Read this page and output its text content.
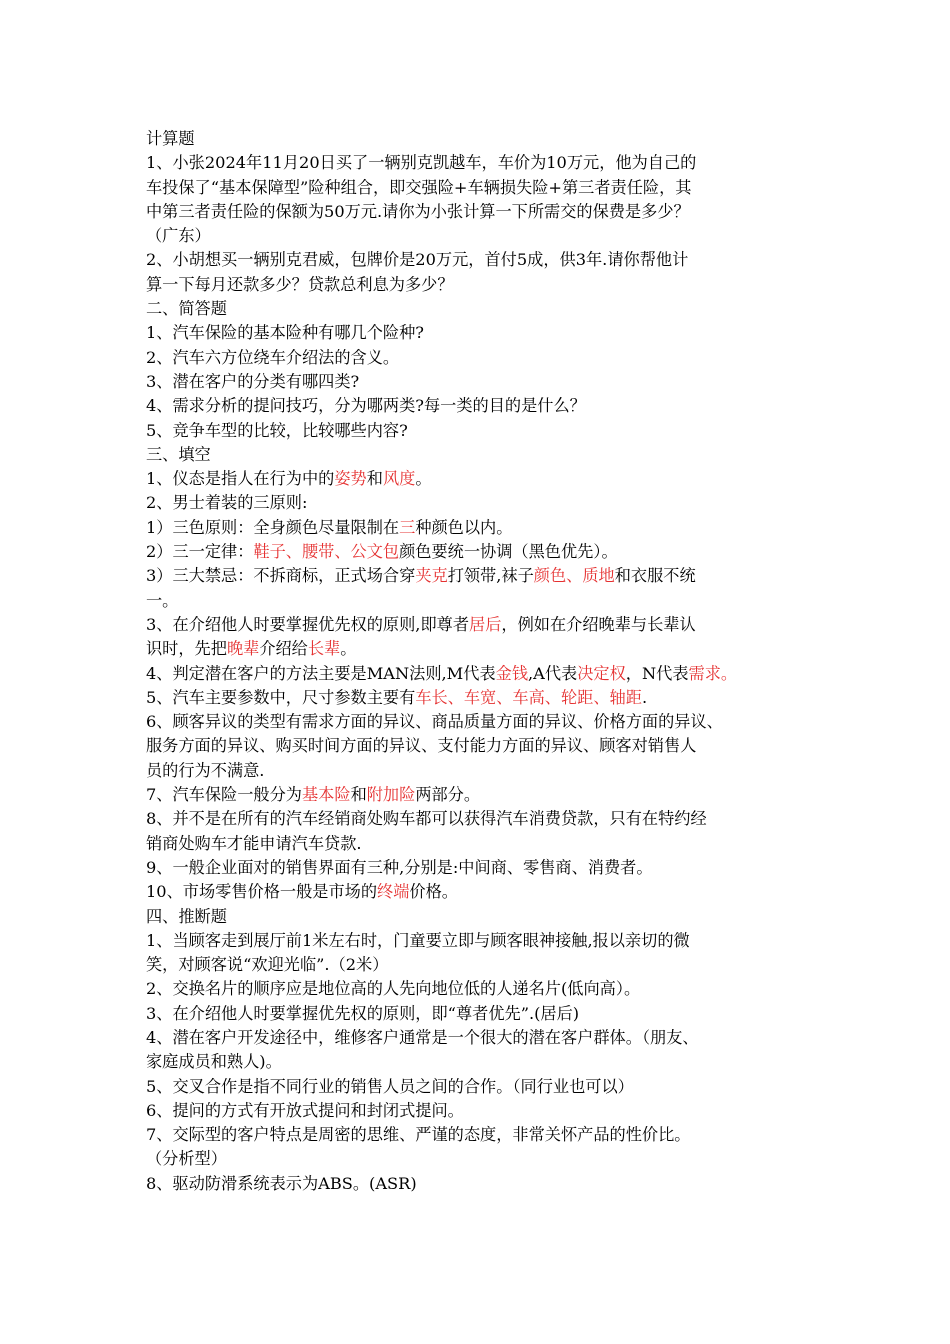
计算题
1、小张2024年11月20日买了一辆别克凯越车，车价为10万元，他为自己的
车投保了“基本保障型”险种组合，即交强险+车辆损失险+第三者责任险，其
中第三者责任险的保额为50万元.请你为小张计算一下所需交的保费是多少？
（广东）
2、小胡想买一辆别克君威，包牌价是20万元，首付5成，供3年.请你帮他计
算一下每月还款多少？贷款总利息为多少？
二、简答题
1、汽车保险的基本险种有哪几个险种?
2、汽车六方位绕车介绍法的含义。
3、潜在客户的分类有哪四类?
4、需求分析的提问技巧，分为哪两类?每一类的目的是什么？
5、竞争车型的比较，比较哪些内容?
三、填空
1、仪态是指人在行为中的姿势和风度。
2、男士着装的三原则:
1）三色原则：全身颜色尽量限制在三种颜色以内。
2）三一定律：鞋子、腰带、公文包颜色要统一协调（黑色优先）。
3）三大禁忌：不拆商标，正式场合穿夹克打领带,袜子颜色、质地和衣服不统
一。
3、在介绍他人时要掌握优先权的原则,即尊者居后，例如在介绍晚辈与长辈认
识时，先把晚辈介绍给长辈。
4、判定潜在客户的方法主要是MAN法则,M代表金钱,A代表决定权，N代表需求。
5、汽车主要参数中，尺寸参数主要有车长、车宽、车高、轮距、轴距.
6、顾客异议的类型有需求方面的异议、商品质量方面的异议、价格方面的异议、
服务方面的异议、购买时间方面的异议、支付能力方面的异议、顾客对销售人
员的行为不满意.
7、汽车保险一般分为基本险和附加险两部分。
8、并不是在所有的汽车经销商处购车都可以获得汽车消费贷款，只有在特约经
销商处购车才能申请汽车贷款.
9、一般企业面对的销售界面有三种,分别是:中间商、零售商、消费者。
10、市场零售价格一般是市场的终端价格。
四、推断题
1、当顾客走到展厅前1米左右时，门童要立即与顾客眼神接触,报以亲切的微
笑，对顾客说“欢迎光临”.（2米）
2、交换名片的顺序应是地位高的人先向地位低的人递名片(低向高）。
3、在介绍他人时要掌握优先权的原则，即“尊者优先”.(居后)
4、潜在客户开发途径中，维修客户通常是一个很大的潜在客户群体。（朋友、
家庭成员和熟人)。
5、交叉合作是指不同行业的销售人员之间的合作。（同行业也可以）
6、提问的方式有开放式提问和封闭式提问。
7、交际型的客户特点是周密的思维、严谨的态度，非常关怀产品的性价比。
（分析型）
8、驱动防滑系统表示为ABS。(ASR)
